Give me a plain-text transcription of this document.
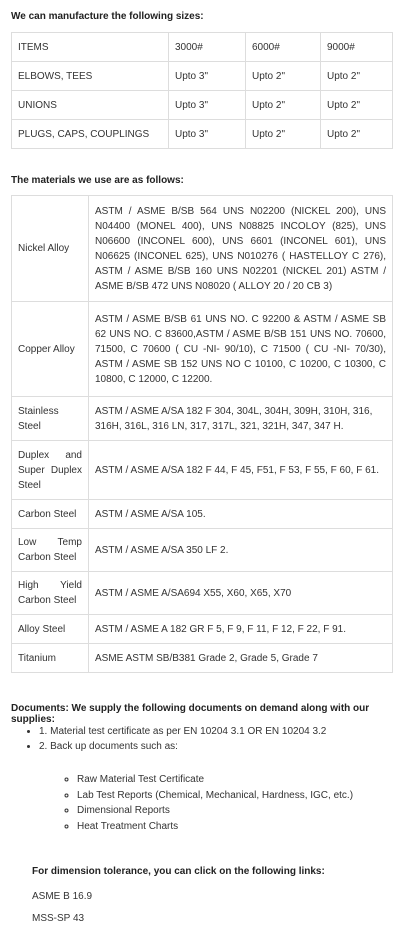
We can manufacture the following sizes:

ITEMS	3000#	6000#	9000#
ELBOWS, TEES	Upto 3"	Upto 2"	Upto 2"
UNIONS	Upto 3"	Upto 2"	Upto 2"
PLUGS, CAPS, COUPLINGS	Upto 3"	Upto 2"	Upto 2"

The materials we use are as follows:

Nickel Alloy	ASTM / ASME B/SB 564 UNS N02200 (NICKEL 200), UNS N04400 (MONEL 400), UNS N08825 INCOLOY (825), UNS N06600 (INCONEL 600), UNS 6601 (INCONEL 601), UNS N06625 (INCONEL 625), UNS N010276 ( HASTELLOY C 276), ASTM / ASME B/SB 160 UNS N02201 (NICKEL 201) ASTM / ASME B/SB 472 UNS N08020 ( ALLOY 20 / 20 CB 3)
Copper Alloy	ASTM / ASME B/SB 61 UNS NO. C 92200 & ASTM / ASME SB 62 UNS NO. C 83600,ASTM / ASME B/SB 151 UNS NO. 70600, 71500, C 70600 ( CU -NI- 90/10), C 71500 ( CU -NI- 70/30), ASTM / ASME SB 152 UNS NO C 10100, C 10200, C 10300, C 10800, C 12000, C 12200.
Stainless Steel	ASTM / ASME A/SA 182 F 304, 304L, 304H, 309H, 310H, 316, 316H, 316L, 316 LN, 317, 317L, 321, 321H, 347, 347 H.
Duplex and Super Duplex Steel	ASTM / ASME A/SA 182 F 44, F 45, F51, F 53, F 55, F 60, F 61.
Carbon Steel	ASTM / ASME A/SA 105.
Low Temp Carbon Steel	ASTM / ASME A/SA 350 LF 2.
High Yield Carbon Steel	ASTM / ASME A/SA694 X55, X60, X65, X70
Alloy Steel	ASTM / ASME A 182 GR F 5, F 9, F 11, F 12, F 22, F 91.
Titanium	ASME ASTM SB/B381 Grade 2, Grade 5, Grade 7

Documents: We supply the following documents on demand along with our supplies:

• 1. Material test certificate as per EN 10204 3.1 OR EN 10204 3.2
• 2. Back up documents such as:
◦ Raw Material Test Certificate
◦ Lab Test Reports (Chemical, Mechanical, Hardness, IGC, etc.)
◦ Dimensional Reports
◦ Heat Treatment Charts

For dimension tolerance, you can click on the following links:

ASME B 16.9

MSS-SP 43
